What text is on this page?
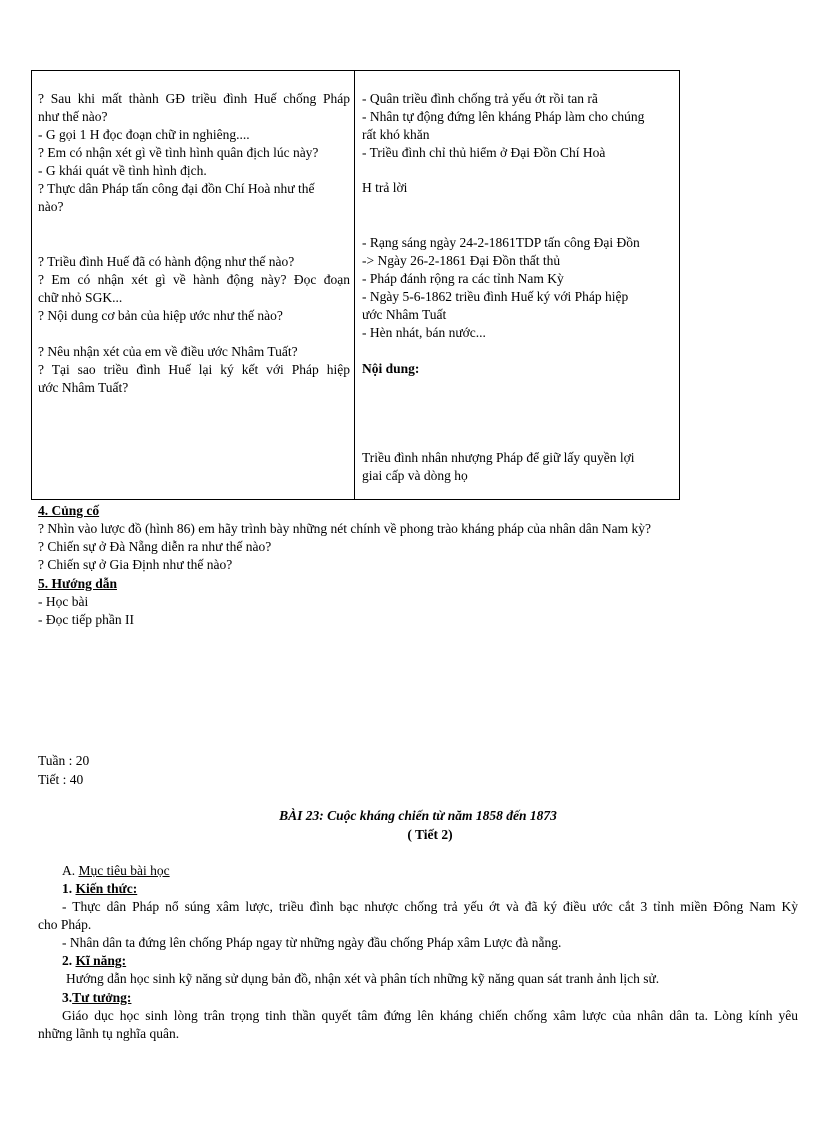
? Sau khi mất thành GĐ triều đình Huế chống Pháp
như thế nào?
- G gọi 1 H đọc đoạn chữ in nghiêng....
? Em có nhận xét gì về tình hình quân địch lúc này?
- G khái quát về tình hình địch.
? Thực dân Pháp tấn công đại đồn Chí Hoà như thế
nào?
? Triều đình Huế đã có hành động như thế nào?
? Em có nhận xét gì về hành động này? Đọc đoạn
chữ nhỏ SGK...
? Nội dung cơ bản của hiệp ước như thế nào?
? Nêu nhận xét của em về điều ước Nhâm Tuất?
? Tại sao triều đình Huế lại ký kết với Pháp hiệp
ước Nhâm Tuất?
- Quân triều đình chống trả yếu ớt rồi tan rã
- Nhân tự động đứng lên kháng Pháp làm cho chúng
rất khó khăn
- Triều đình chỉ thủ hiểm ở Đại Đồn Chí Hoà
H trả lời
- Rạng sáng ngày 24-2-1861TDP tấn công Đại Đồn
-> Ngày 26-2-1861 Đại Đồn thất thủ
- Pháp đánh rộng ra các tỉnh Nam Kỳ
- Ngày 5-6-1862 triều đình Huế ký với Pháp hiệp
ước Nhâm Tuất
- Hèn nhát, bán nước...
Nội dung:
Triều đình nhân nhượng Pháp để giữ lấy quyền lợi
giai cấp và dòng họ
4. Củng cố
? Nhìn vào lược đồ (hình 86) em hãy trình bày những nét chính về phong trào kháng pháp của nhân dân Nam kỳ?
? Chiến sự ở Đà Nẵng diễn ra như thế nào?
? Chiến sự ở Gia Định như thế nào?
5. Hướng dẫn
- Học bài
- Đọc tiếp phần II
Tuần : 20
Tiết : 40
BÀI 23: Cuộc kháng chiến từ năm 1858 đến 1873
( Tiết 2)
A. Mục tiêu bài học
1. Kiến thức:
- Thực dân Pháp nổ súng xâm lược, triều đình bạc nhược chống trả yếu ớt và đã ký điều ước cắt 3 tỉnh miền Đông Nam Kỳ
cho Pháp.
- Nhân dân ta đứng lên chống Pháp ngay từ những ngày đầu chống Pháp xâm Lược đà nẵng.
2. Kĩ năng:
Hướng dẫn học sinh kỹ năng sử dụng bản đồ, nhận xét và phân tích những kỹ năng quan sát tranh ảnh lịch sử.
3.Tư tưởng:
Giáo dục học sinh lòng trân trọng tinh thần quyết tâm đứng lên kháng chiến chống xâm lược của nhân dân ta. Lòng kính yêu
những lãnh tụ nghĩa quân.
